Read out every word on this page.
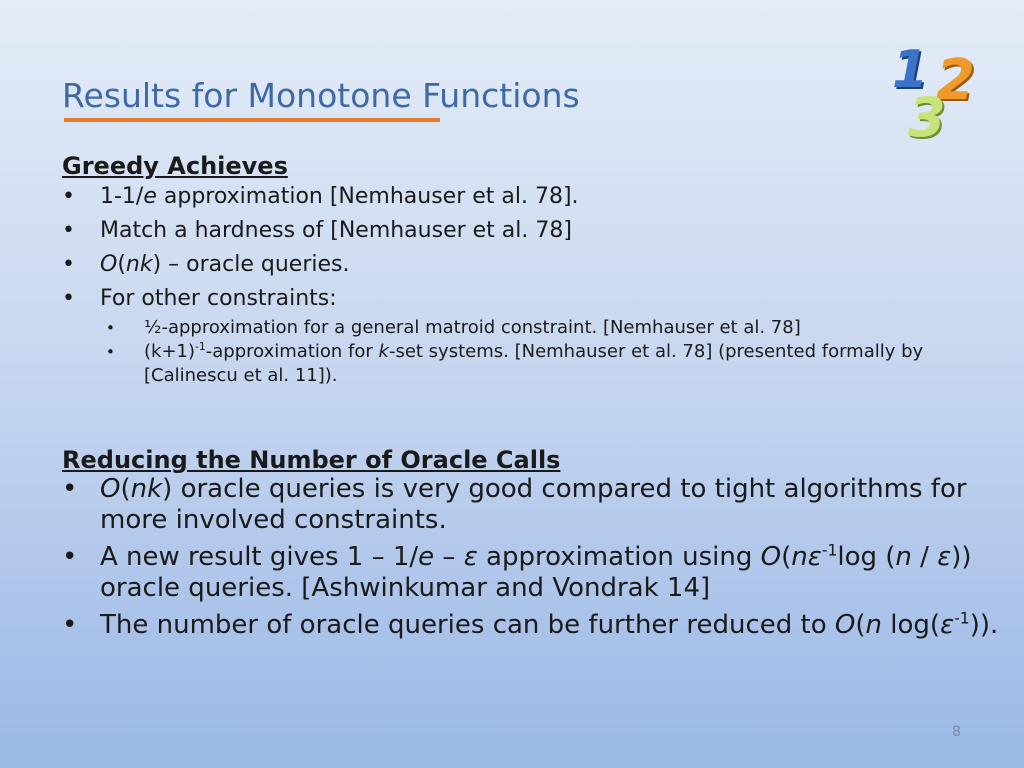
Results for Monotone Functions	1 2
3
Greedy Achieves
• 1-1/e approximation [Nemhauser et al. 78].
• Match a hardness of [Nemhauser et al. 78]
• O(nk) – oracle queries.
• For other constraints:
• ½-approximation for a general matroid constraint. [Nemhauser et al. 78]
• $(k+1)^{-1}$-approximation for k-set systems. [Nemhauser et al. 78] (presented formally by [Calinescu et al. 11]).
Reducing the Number of Oracle Calls
• O(nk) oracle queries is very good compared to tight algorithms for more involved constraints.
• A new result gives 1 – 1/e – ε approximation using $O(n\varepsilon^{-1}\log$ (n / ε)) oracle queries. [Ashwinkumar and Vondrak 14]
• The number of oracle queries can be further reduced to O(n $\log(\varepsilon^{-1})$).
8
